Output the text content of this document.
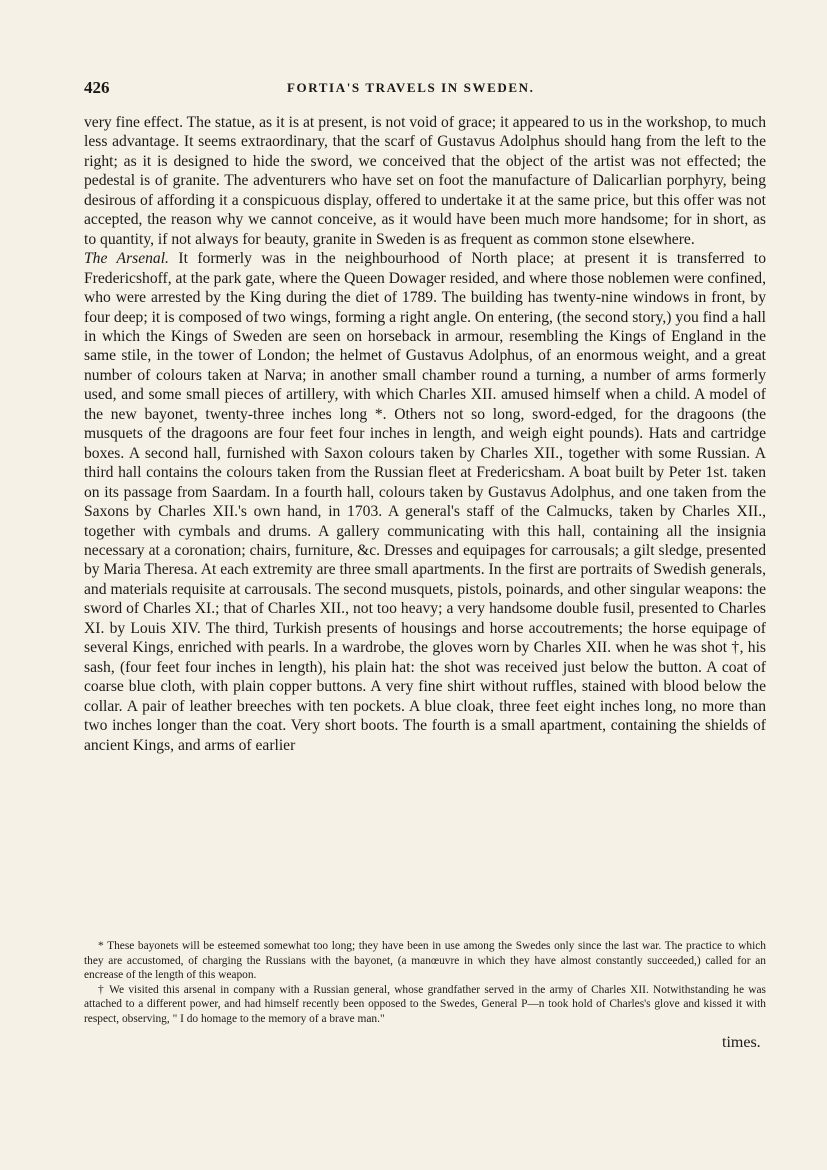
426	FORTIA'S TRAVELS IN SWEDEN.

very fine effect. The statue, as it is at present, is not void of grace; it appeared to us in the workshop, to much less advantage. It seems extraordinary, that the scarf of Gustavus Adolphus should hang from the left to the right; as it is designed to hide the sword, we conceived that the object of the artist was not effected; the pedestal is of granite. The adventurers who have set on foot the manufacture of Dalicarlian porphyry, being desirous of affording it a conspicuous display, offered to undertake it at the same price, but this offer was not accepted, the reason why we cannot conceive, as it would have been much more handsome; for in short, as to quantity, if not always for beauty, granite in Sweden is as frequent as common stone elsewhere.

The Arsenal. It formerly was in the neighbourhood of North place; at present it is transferred to Fredericshoff, at the park gate, where the Queen Dowager resided, and where those noblemen were confined, who were arrested by the King during the diet of 1789. The building has twenty-nine windows in front, by four deep; it is composed of two wings, forming a right angle. On entering, (the second story,) you find a hall in which the Kings of Sweden are seen on horseback in armour, resembling the Kings of England in the same stile, in the tower of London; the helmet of Gustavus Adolphus, of an enormous weight, and a great number of colours taken at Narva; in another small chamber round a turning, a number of arms formerly used, and some small pieces of artillery, with which Charles XII. amused himself when a child. A model of the new bayonet, twenty-three inches long *. Others not so long, sword-edged, for the dragoons (the musquets of the dragoons are four feet four inches in length, and weigh eight pounds). Hats and cartridge boxes. A second hall, furnished with Saxon colours taken by Charles XII., together with some Russian. A third hall contains the colours taken from the Russian fleet at Fredericsham. A boat built by Peter 1st. taken on its passage from Saardam. In a fourth hall, colours taken by Gustavus Adolphus, and one taken from the Saxons by Charles XII.'s own hand, in 1703. A general's staff of the Calmucks, taken by Charles XII., together with cymbals and drums. A gallery communicating with this hall, containing all the insignia necessary at a coronation; chairs, furniture, &c. Dresses and equipages for carrousals; a gilt sledge, presented by Maria Theresa. At each extremity are three small apartments. In the first are portraits of Swedish generals, and materials requisite at carrousals. The second musquets, pistols, poinards, and other singular weapons: the sword of Charles XI.; that of Charles XII., not too heavy; a very handsome double fusil, presented to Charles XI. by Louis XIV. The third, Turkish presents of housings and horse accoutrements; the horse equipage of several Kings, enriched with pearls. In a wardrobe, the gloves worn by Charles XII. when he was shot †, his sash, (four feet four inches in length), his plain hat: the shot was received just below the button. A coat of coarse blue cloth, with plain copper buttons. A very fine shirt without ruffles, stained with blood below the collar. A pair of leather breeches with ten pockets. A blue cloak, three feet eight inches long, no more than two inches longer than the coat. Very short boots. The fourth is a small apartment, containing the shields of ancient Kings, and arms of earlier

* These bayonets will be esteemed somewhat too long; they have been in use among the Swedes only since the last war. The practice to which they are accustomed, of charging the Russians with the bayonet, (a manœuvre in which they have almost constantly succeeded,) called for an encrease of the length of this weapon.

† We visited this arsenal in company with a Russian general, whose grandfather served in the army of Charles XII. Notwithstanding he was attached to a different power, and had himself recently been opposed to the Swedes, General P—n took hold of Charles's glove and kissed it with respect, observing, " I do homage to the memory of a brave man."

times.
